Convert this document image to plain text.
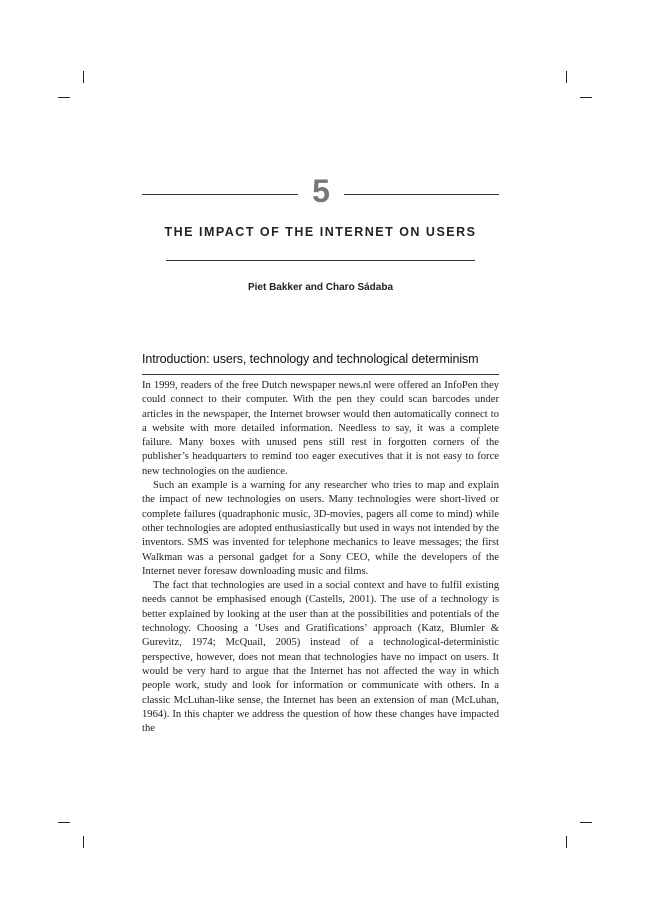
5
THE IMPACT OF THE INTERNET ON USERS
Piet Bakker and Charo Sádaba
Introduction: users, technology and technological determinism

In 1999, readers of the free Dutch newspaper news.nl were offered an InfoPen they could connect to their computer. With the pen they could scan barcodes under articles in the newspaper, the Internet browser would then automatically connect to a website with more detailed information. Needless to say, it was a complete failure. Many boxes with unused pens still rest in forgotten corners of the publisher’s headquarters to remind too eager executives that it is not easy to force new technologies on the audience.

Such an example is a warning for any researcher who tries to map and explain the impact of new technologies on users. Many technologies were short-lived or complete failures (quadraphonic music, 3D-movies, pagers all come to mind) while other technologies are adopted enthusiastically but used in ways not intended by the inventors. SMS was invented for telephone mechanics to leave messages; the first Walkman was a personal gadget for a Sony CEO, while the developers of the Internet never foresaw downloading music and films.

The fact that technologies are used in a social context and have to fulfil existing needs cannot be emphasised enough (Castells, 2001). The use of a technology is better explained by looking at the user than at the possibilities and potentials of the technology. Choosing a ‘Uses and Gratifications’ approach (Katz, Blumler & Gurevitz, 1974; McQuail, 2005) instead of a technological-deterministic perspective, however, does not mean that technologies have no impact on users. It would be very hard to argue that the Internet has not affected the way in which people work, study and look for information or communicate with others. In a classic McLuhan-like sense, the Internet has been an extension of man (McLuhan, 1964). In this chapter we address the question of how these changes have impacted the
